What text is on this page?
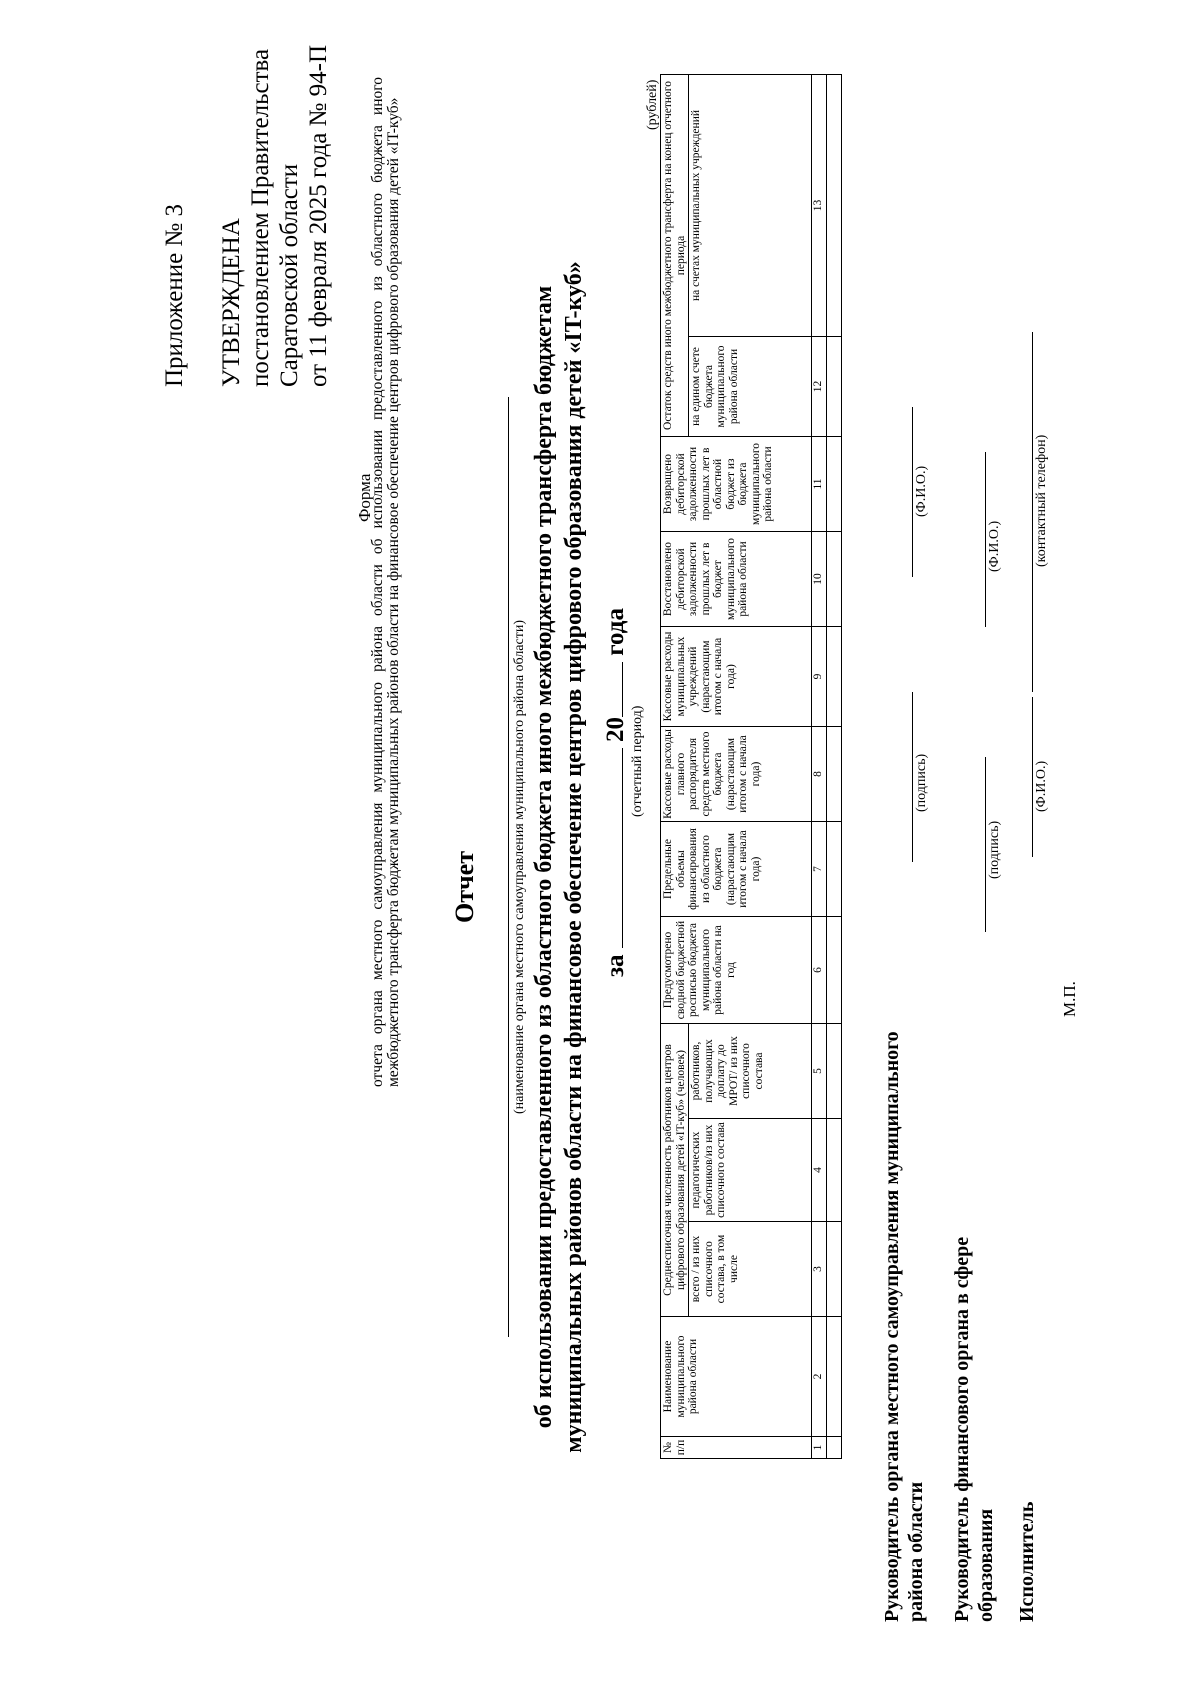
Приложение № 3 УТВЕРЖДЕНА постановлением Правительства Саратовской области от 11 февраля 2025 года № 94-П
Форма
отчета органа местного самоуправления муниципального района области об использовании предоставленного из областного бюджета иного межбюджетного трансферта бюджетам муниципальных районов области на финансовое обеспечение центров цифрового образования детей «IT-куб» Отчет (наименование органа местного самоуправления муниципального района области) об использовании предоставленного из областного бюджета иного межбюджетного трансферта бюджетам муниципальных районов области на финансовое обеспечение центров цифрового образования детей «IT-куб» за  20 года
(отчетный период)
(рублей)
№ п/п	Наименование муниципального района области	Среднесписочная численность работников центров цифрового образования детей «IT-куб» (человек)			Предусмотрено сводной бюджетной росписью бюджета муниципального района области на год	Предельные объемы финансирования из областного бюджета (нарастающим итогом с начала года)	Кассовые расходы главного распорядителя средств местного бюджета (нарастающим итогом с начала года)	Кассовые расходы муниципальных учреждений (нарастающим итогом с начала года)	Восстановлено дебиторской задолженности прошлых лет в бюджет муниципального района области	Возвращено дебиторской задолженности прошлых лет в областной бюджет из бюджета муниципального района области	Остаток средств иного межбюджетного трансферта на конец отчетного периода	
		всего / из них списочного состава, в том числе	педагогических работников/из них списочного состава	работников, получающих доплату до МРОТ/ из них списочного состава							на едином счете бюджета муниципального района области	на счетах муниципальных учреждений
1	2	3	4	5	6	7	8	9	10	11	12	13

Руководитель органа местного самоуправления муниципального района области
(подпись)
(Ф.И.О.)
Руководитель финансового органа в сфере образования
(подпись)
(Ф.И.О.)
Исполнитель
(Ф.И.О.)
(контактный телефон)
М.П.
